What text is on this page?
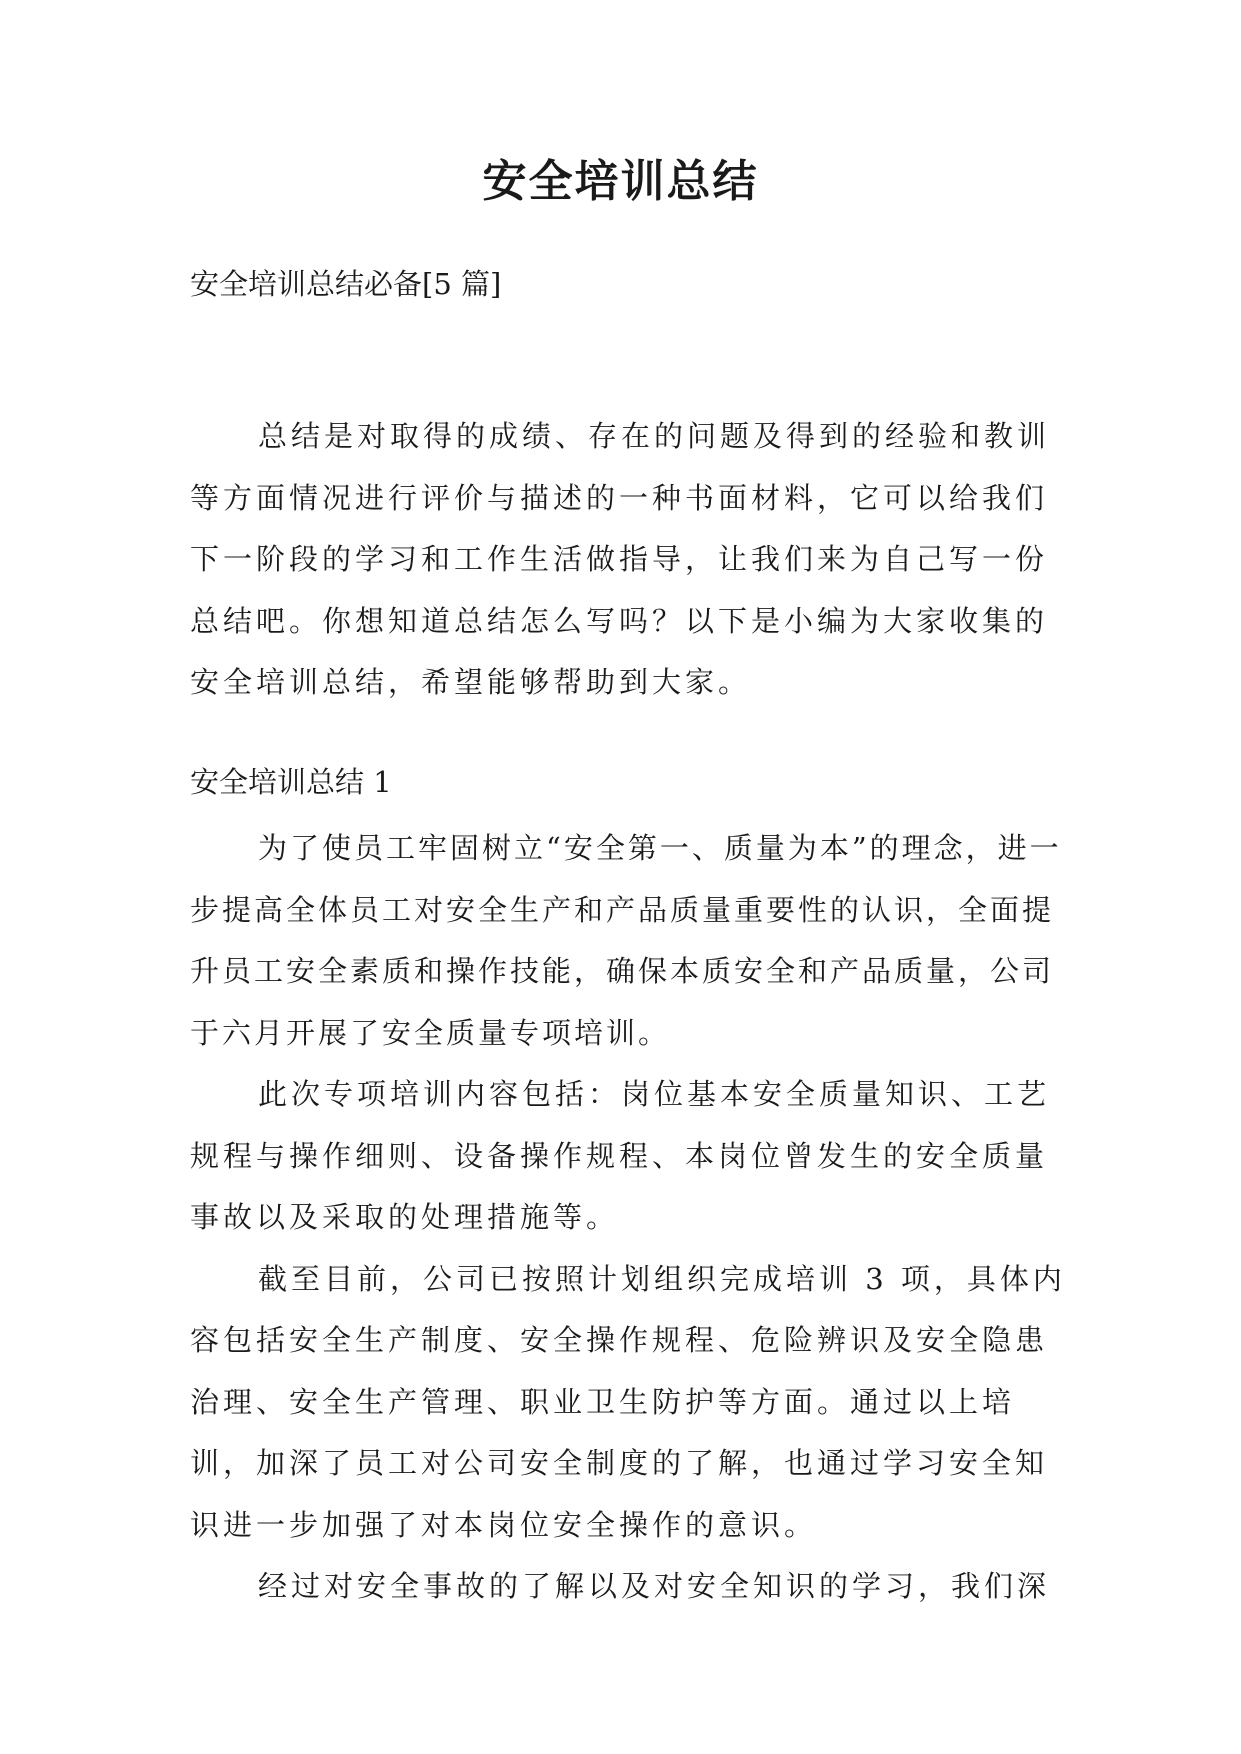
安全培训总结

安全培训总结必备[5 篇]

总结是对取得的成绩、存在的问题及得到的经验和教训等方面情况进行评价与描述的一种书面材料，它可以给我们下一阶段的学习和工作生活做指导，让我们来为自己写一份总结吧。你想知道总结怎么写吗？以下是小编为大家收集的安全培训总结，希望能够帮助到大家。

安全培训总结 1

为了使员工牢固树立“安全第一、质量为本”的理念，进一步提高全体员工对安全生产和产品质量重要性的认识，全面提升员工安全素质和操作技能，确保本质安全和产品质量，公司于六月开展了安全质量专项培训。

此次专项培训内容包括：岗位基本安全质量知识、工艺规程与操作细则、设备操作规程、本岗位曾发生的安全质量事故以及采取的处理措施等。

截至目前，公司已按照计划组织完成培训 3 项，具体内容包括安全生产制度、安全操作规程、危险辨识及安全隐患治理、安全生产管理、职业卫生防护等方面。通过以上培训，加深了员工对公司安全制度的了解，也通过学习安全知识进一步加强了对本岗位安全操作的意识。

经过对安全事故的了解以及对安全知识的学习，我们深
